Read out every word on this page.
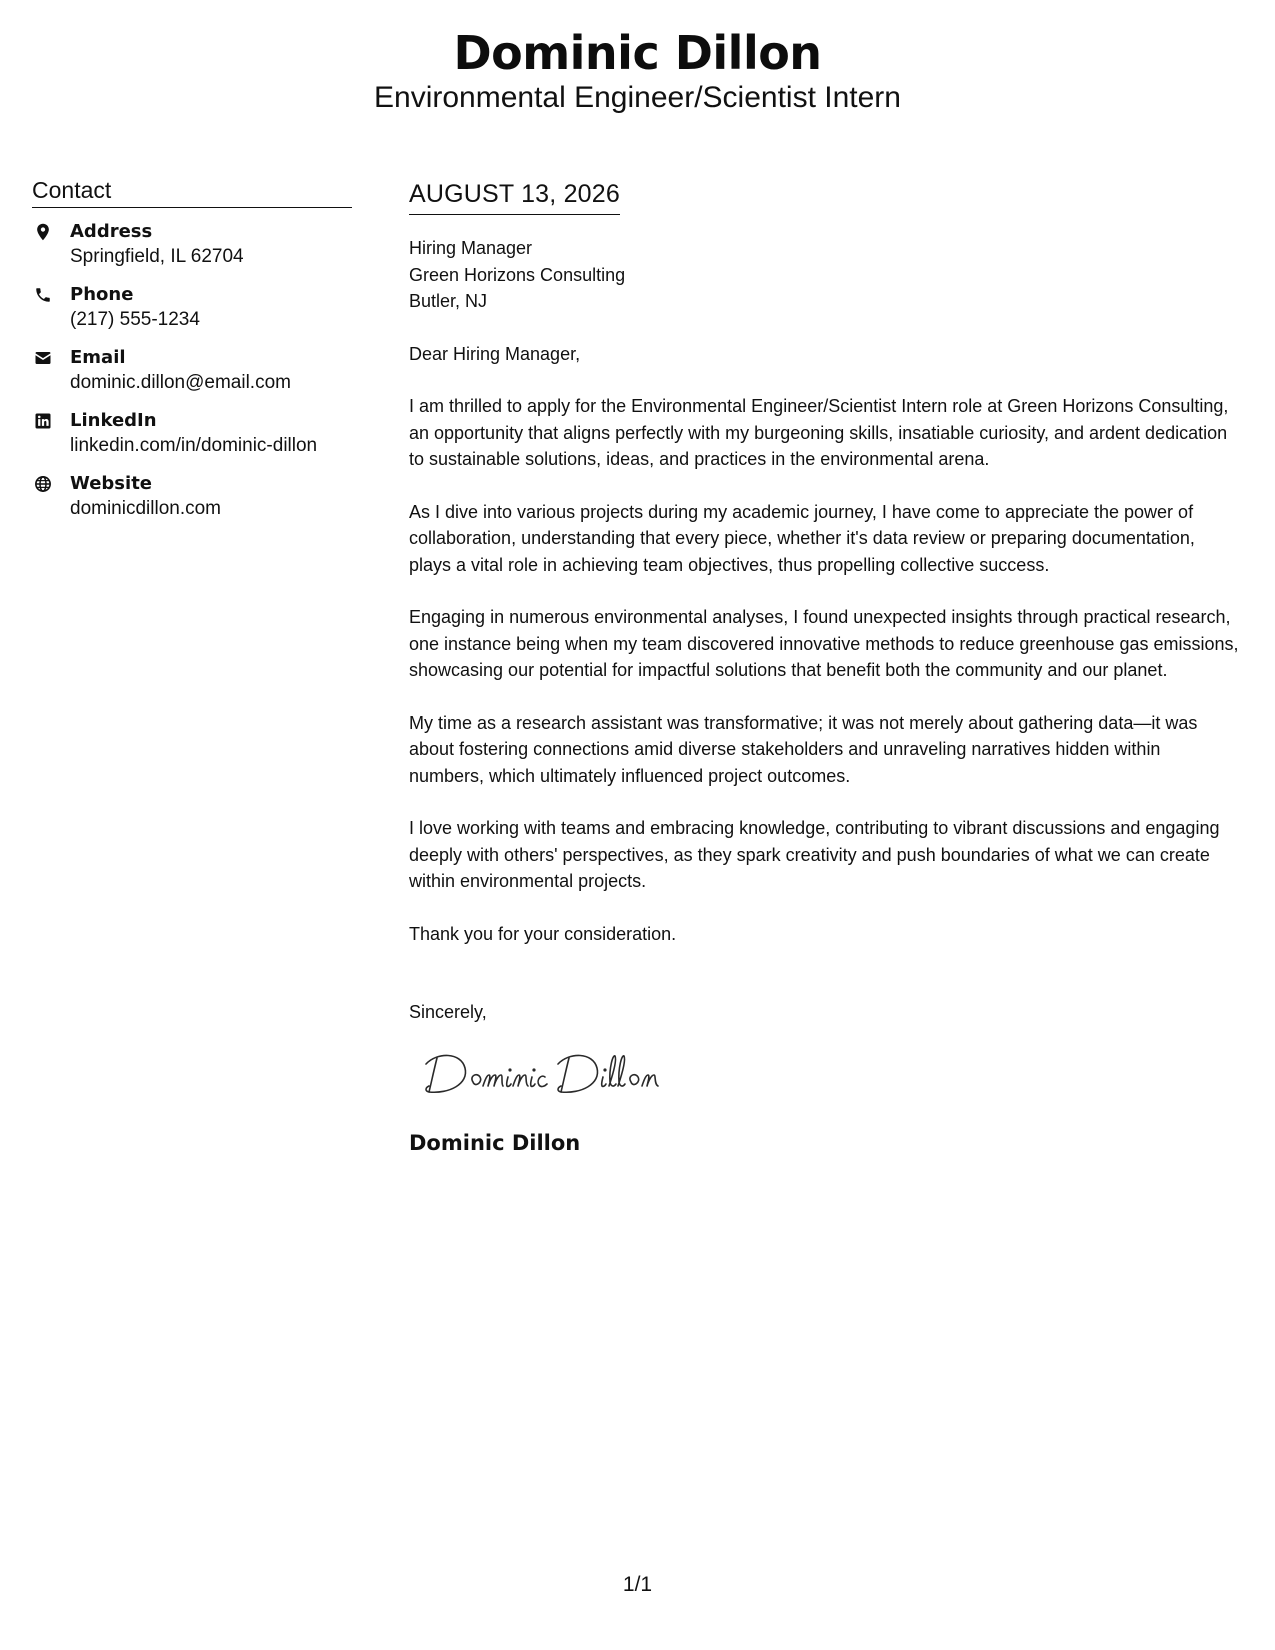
Dominic Dillon
Environmental Engineer/Scientist Intern
Contact
Address
Springfield, IL 62704
Phone
(217) 555-1234
Email
dominic.dillon@email.com
LinkedIn
linkedin.com/in/dominic-dillon
Website
dominicdillon.com
AUGUST 13, 2026
Hiring Manager
Green Horizons Consulting
Butler, NJ
Dear Hiring Manager,
I am thrilled to apply for the Environmental Engineer/Scientist Intern role at Green Horizons Consulting, an opportunity that aligns perfectly with my burgeoning skills, insatiable curiosity, and ardent dedication to sustainable solutions, ideas, and practices in the environmental arena.
As I dive into various projects during my academic journey, I have come to appreciate the power of collaboration, understanding that every piece, whether it's data review or preparing documentation, plays a vital role in achieving team objectives, thus propelling collective success.
Engaging in numerous environmental analyses, I found unexpected insights through practical research, one instance being when my team discovered innovative methods to reduce greenhouse gas emissions, showcasing our potential for impactful solutions that benefit both the community and our planet.
My time as a research assistant was transformative; it was not merely about gathering data—it was about fostering connections amid diverse stakeholders and unraveling narratives hidden within numbers, which ultimately influenced project outcomes.
I love working with teams and embracing knowledge, contributing to vibrant discussions and engaging deeply with others' perspectives, as they spark creativity and push boundaries of what we can create within environmental projects.
Thank you for your consideration.
Sincerely,
Dominic Dillon
1/1
